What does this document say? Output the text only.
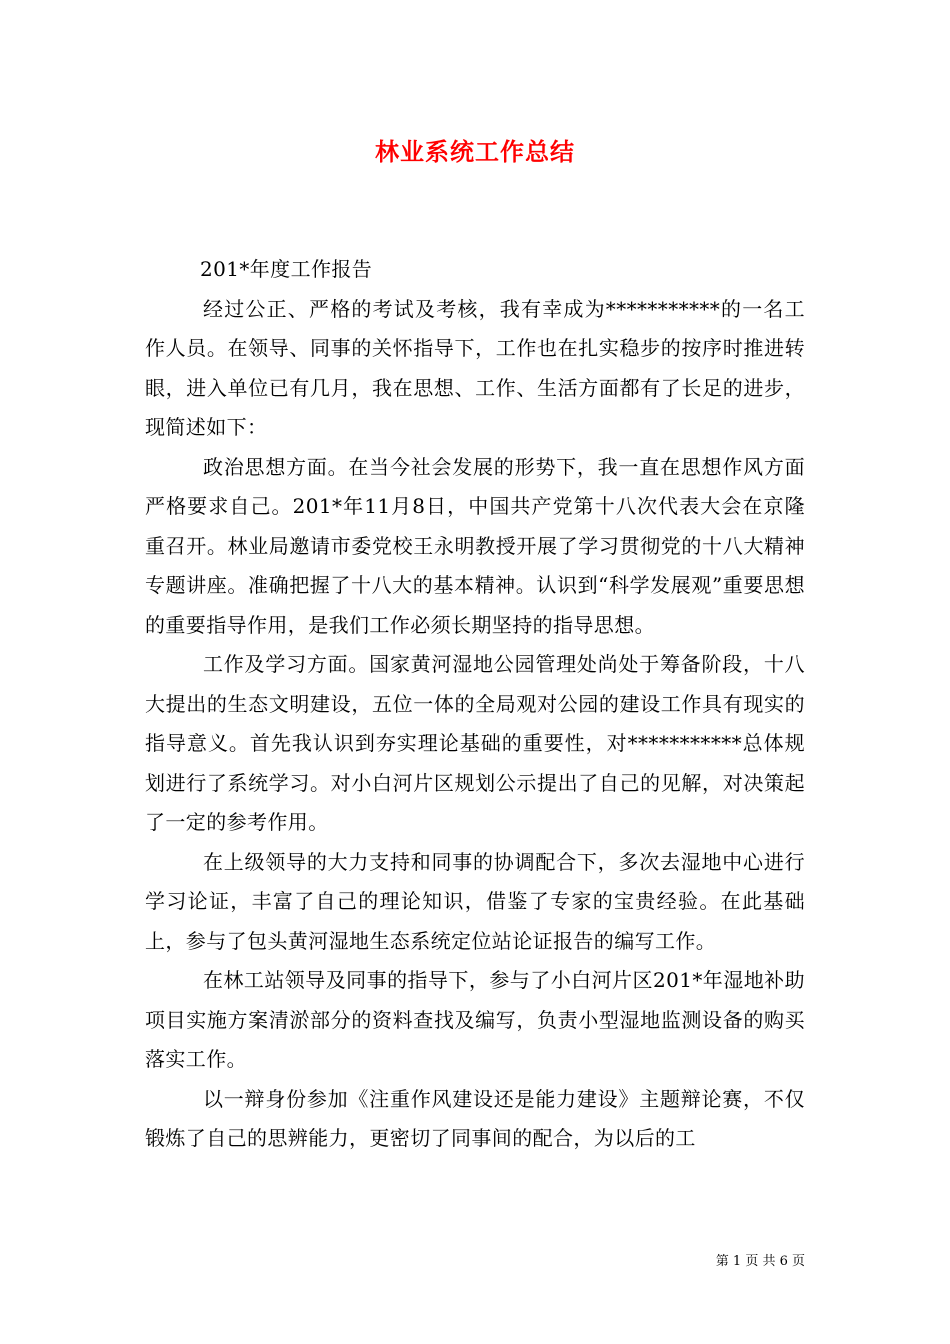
林业系统工作总结

201*年度工作报告

经过公正、严格的考试及考核，我有幸成为***********的一名工作人员。在领导、同事的关怀指导下，工作也在扎实稳步的按序时推进转眼，进入单位已有几月，我在思想、工作、生活方面都有了长足的进步，现简述如下：

政治思想方面。在当今社会发展的形势下，我一直在思想作风方面严格要求自己。201*年11月8日，中国共产党第十八次代表大会在京隆重召开。林业局邀请市委党校王永明教授开展了学习贯彻党的十八大精神专题讲座。准确把握了十八大的基本精神。认识到“科学发展观”重要思想的重要指导作用，是我们工作必须长期坚持的指导思想。

工作及学习方面。国家黄河湿地公园管理处尚处于筹备阶段，十八大提出的生态文明建设，五位一体的全局观对公园的建设工作具有现实的指导意义。首先我认识到夯实理论基础的重要性，对***********总体规划进行了系统学习。对小白河片区规划公示提出了自己的见解，对决策起了一定的参考作用。

在上级领导的大力支持和同事的协调配合下，多次去湿地中心进行学习论证，丰富了自己的理论知识，借鉴了专家的宝贵经验。在此基础上，参与了包头黄河湿地生态系统定位站论证报告的编写工作。

在林工站领导及同事的指导下，参与了小白河片区201*年湿地补助项目实施方案清淤部分的资料查找及编写，负责小型湿地监测设备的购买落实工作。

以一辩身份参加《注重作风建设还是能力建设》主题辩论赛，不仅锻炼了自己的思辨能力，更密切了同事间的配合，为以后的工

第 1 页 共 6 页
